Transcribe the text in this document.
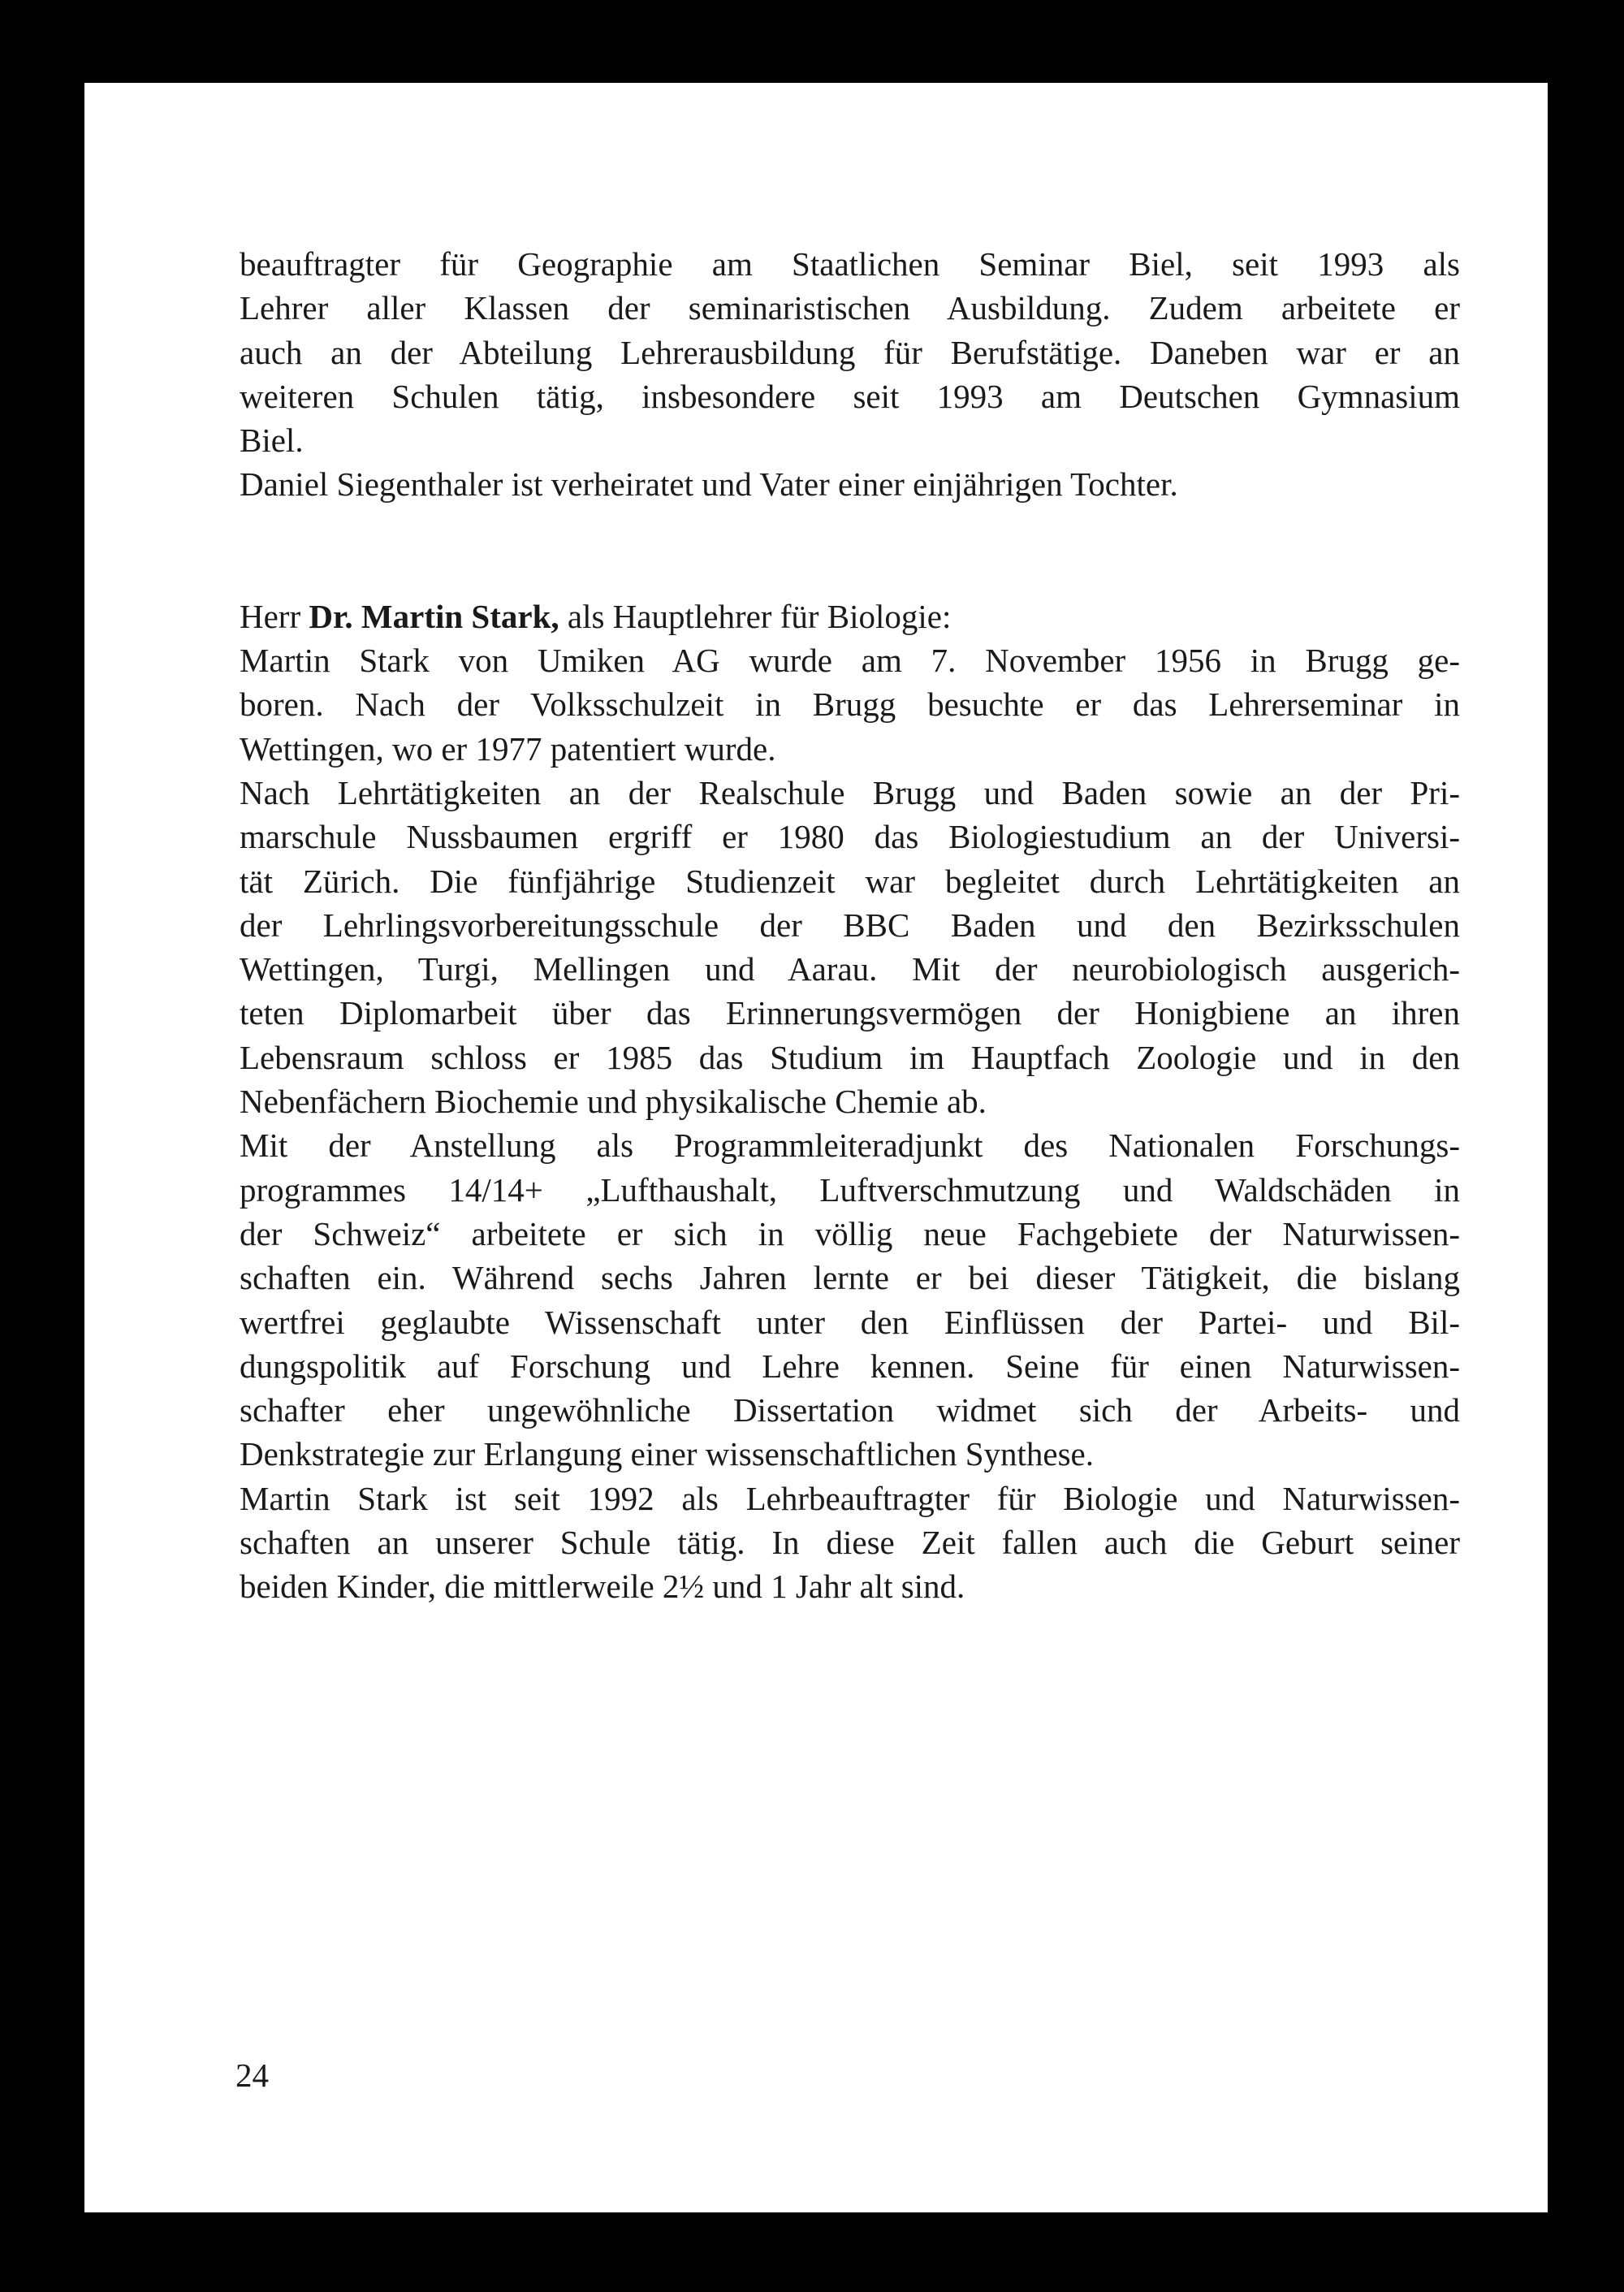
beauftragter für Geographie am Staatlichen Seminar Biel, seit 1993 als
Lehrer aller Klassen der seminaristischen Ausbildung. Zudem arbeitete er
auch an der Abteilung Lehrerausbildung für Berufstätige. Daneben war er an
weiteren Schulen tätig, insbesondere seit 1993 am Deutschen Gymnasium
Biel.
Daniel Siegenthaler ist verheiratet und Vater einer einjährigen Tochter.
Herr Dr. Martin Stark, als Hauptlehrer für Biologie:
Martin Stark von Umiken AG wurde am 7. November 1956 in Brugg ge-
boren. Nach der Volksschulzeit in Brugg besuchte er das Lehrerseminar in
Wettingen, wo er 1977 patentiert wurde.
Nach Lehrtätigkeiten an der Realschule Brugg und Baden sowie an der Pri-
marschule Nussbaumen ergriff er 1980 das Biologiestudium an der Universi-
tät Zürich. Die fünfjährige Studienzeit war begleitet durch Lehrtätigkeiten an
der Lehrlingsvorbereitungsschule der BBC Baden und den Bezirksschulen
Wettingen, Turgi, Mellingen und Aarau. Mit der neurobiologisch ausgerich-
teten Diplomarbeit über das Erinnerungsvermögen der Honigbiene an ihren
Lebensraum schloss er 1985 das Studium im Hauptfach Zoologie und in den
Nebenfächern Biochemie und physikalische Chemie ab.
Mit der Anstellung als Programmleiteradjunkt des Nationalen Forschungs-
programmes 14/14+ „Lufthaushalt, Luftverschmutzung und Waldschäden in
der Schweiz“ arbeitete er sich in völlig neue Fachgebiete der Naturwissen-
schaften ein. Während sechs Jahren lernte er bei dieser Tätigkeit, die bislang
wertfrei geglaubte Wissenschaft unter den Einflüssen der Partei- und Bil-
dungspolitik auf Forschung und Lehre kennen. Seine für einen Naturwissen-
schafter eher ungewöhnliche Dissertation widmet sich der Arbeits- und
Denkstrategie zur Erlangung einer wissenschaftlichen Synthese.
Martin Stark ist seit 1992 als Lehrbeauftragter für Biologie und Naturwissen-
schaften an unserer Schule tätig. In diese Zeit fallen auch die Geburt seiner
beiden Kinder, die mittlerweile 2½ und 1 Jahr alt sind.
24
